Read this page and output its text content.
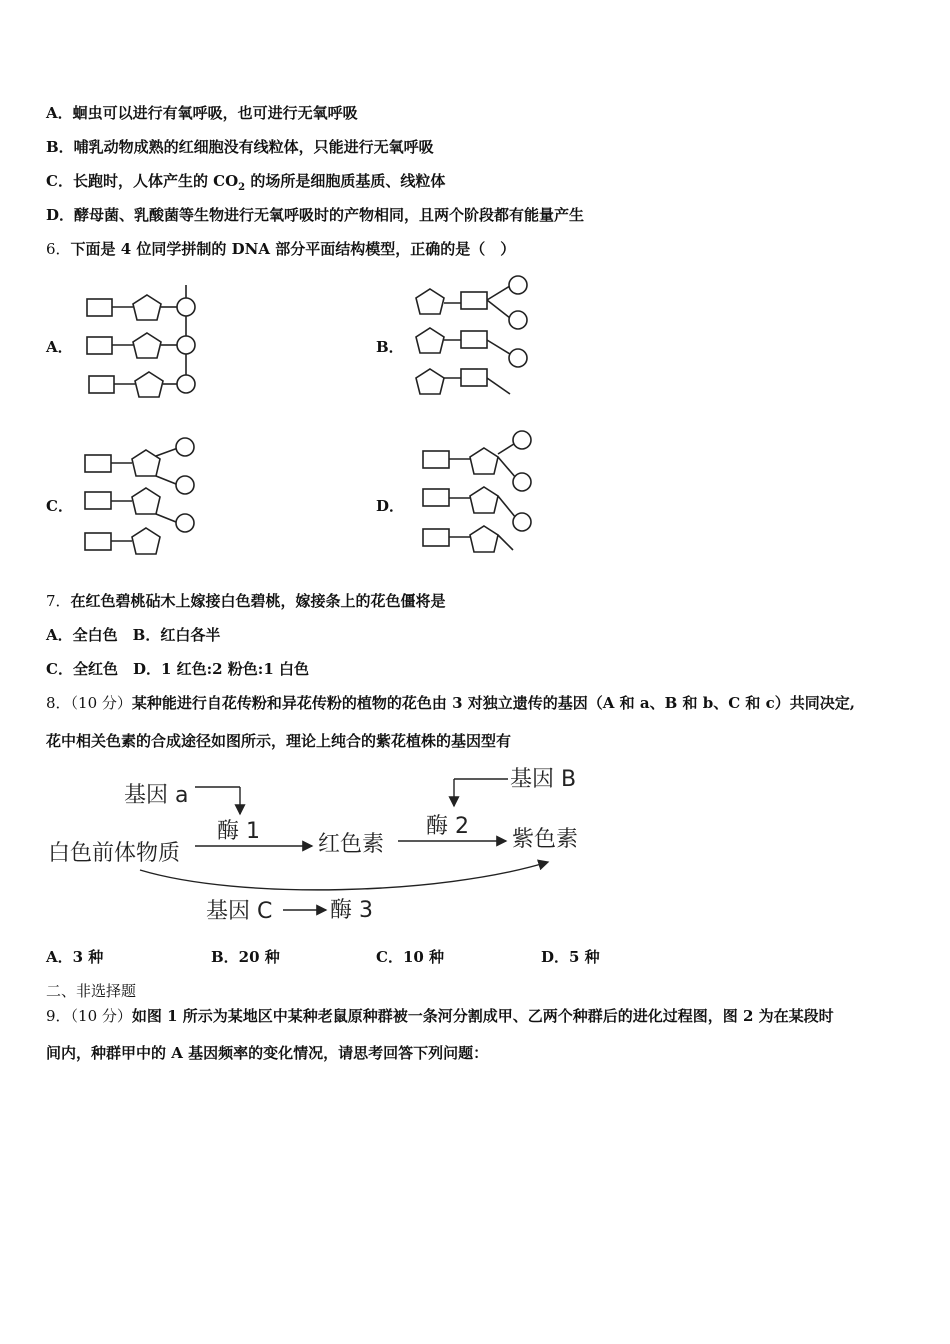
A．蛔虫可以进行有氧呼吸，也可进行无氧呼吸
B．哺乳动物成熟的红细胞没有线粒体，只能进行无氧呼吸
C．长跑时，人体产生的 $CO_2$ 的场所是细胞质基质、线粒体
D．酵母菌、乳酸菌等生物进行无氧呼吸时的产物相同，且两个阶段都有能量产生
6．下面是 4 位同学拼制的 DNA 部分平面结构模型，正确的是（　）
A．	B．
C．	D．
7．在红色碧桃砧木上嫁接白色碧桃，嫁接条上的花色僵将是
A．全白色　B．红白各半
C．全红色　D．1 红色:2 粉色:1 白色
8．（10 分）某种能进行自花传粉和异花传粉的植物的花色由 3 对独立遗传的基因（A 和 a、B 和 b、C 和 c）共同决定,
花中相关色素的合成途径如图所示，理论上纯合的紫花植株的基因型有
基因 a
基因 B
酶 1	酶 2
白色前体物质	红色素	紫色素
基因 C	酶 3
A．3 种	B．20 种	C．10 种	D．5 种
二、非选择题
9．（10 分）如图 1 所示为某地区中某种老鼠原种群被一条河分割成甲、乙两个种群后的进化过程图，图 2 为在某段时
间内，种群甲中的 A 基因频率的变化情况，请思考回答下列问题：
